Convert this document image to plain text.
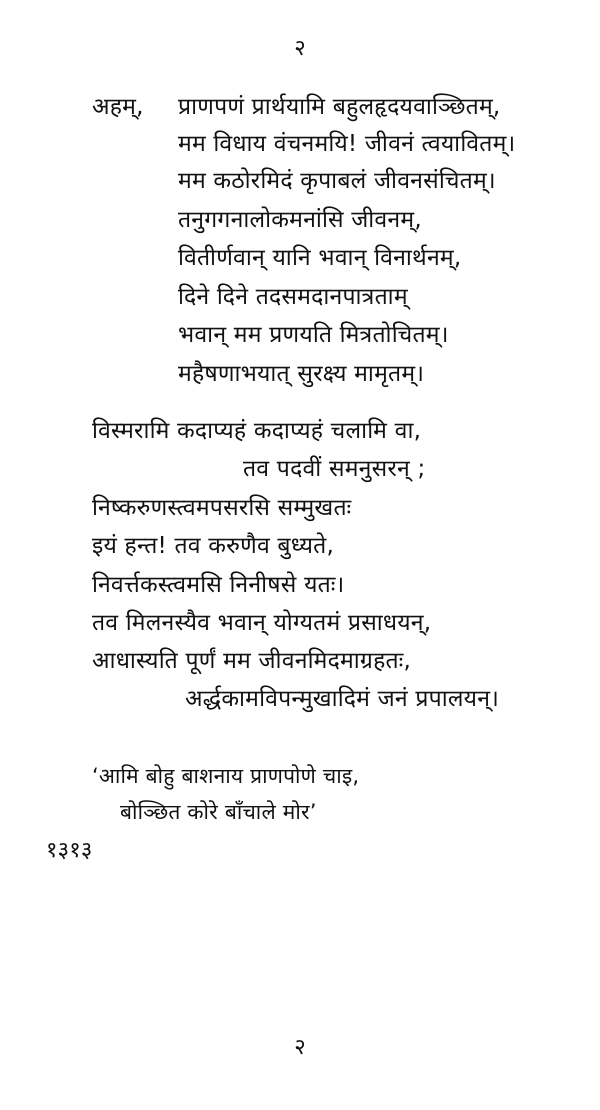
२
अहम्, प्राणपणं प्रार्थयामि बहुलहृदयवाञ्छितम्,
मम विधाय वंचनमयि! जीवनं त्वयावितम्।
मम कठोरमिदं कृपाबलं जीवनसंचितम्।
तनुगगनालोकमनांसि जीवनम्,
वितीर्णवान् यानि भवान् विनार्थनम्,
दिने दिने तदसमदानपात्रताम्
भवान् मम प्रणयति मित्रतोचितम्।
महैषणाभयात् सुरक्ष्य मामृतम्।
विस्मरामि कदाप्यहं कदाप्यहं चलामि वा,
तव पदवीं समनुसरन् ;
निष्करुणस्त्वमपसरसि सम्मुखतः
इयं हन्त! तव करुणैव बुध्यते,
निवर्त्तकस्त्वमसि निनीषसे यतः।
तव मिलनस्यैव भवान् योग्यतमं प्रसाधयन्,
आधास्यति पूर्णं मम जीवनमिदमाग्रहतः,
अर्द्धकामविपन्मुखादिमं जनं प्रपालयन्।
‘आमि बोहु बाशनाय प्राणपोणे चाइ,
बोञ्छित कोरे बाँचाले मोर’
१३१३
२
